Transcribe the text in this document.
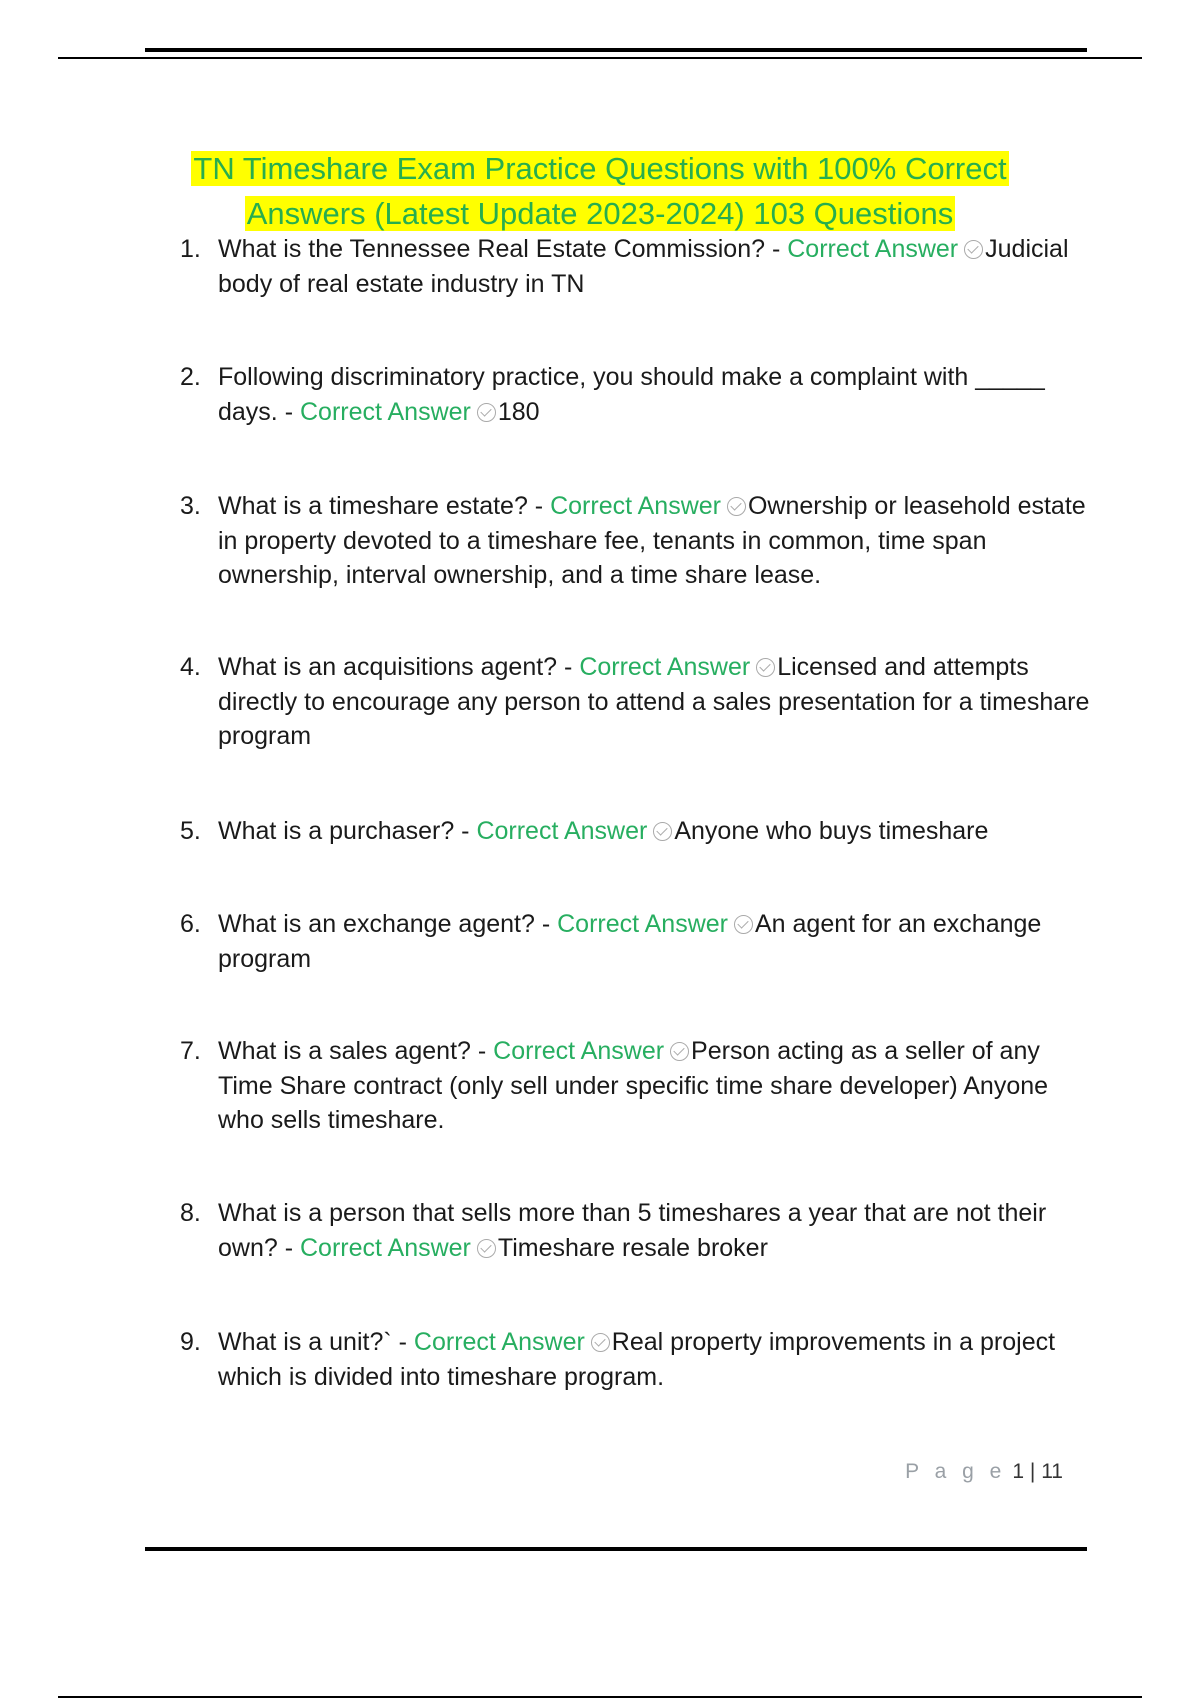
TN Timeshare Exam Practice Questions with 100% Correct
Answers (Latest Update 2023-2024) 103 Questions
1. What is the Tennessee Real Estate Commission? - Correct Answer Judicial body of real estate industry in TN
2. Following discriminatory practice, you should make a complaint with _____ days. - Correct Answer 180
3. What is a timeshare estate? - Correct Answer Ownership or leasehold estate in property devoted to a timeshare fee, tenants in common, time span ownership, interval ownership, and a time share lease.
4. What is an acquisitions agent? - Correct Answer Licensed and attempts directly to encourage any person to attend a sales presentation for a timeshare program
5. What is a purchaser? - Correct Answer Anyone who buys timeshare
6. What is an exchange agent? - Correct Answer An agent for an exchange program
7. What is a sales agent? - Correct Answer Person acting as a seller of any Time Share contract (only sell under specific time share developer) Anyone who sells timeshare.
8. What is a person that sells more than 5 timeshares a year that are not their own? - Correct Answer Timeshare resale broker
9. What is a unit?` - Correct Answer Real property improvements in a project which is divided into timeshare program.
P a g e 1 | 11
